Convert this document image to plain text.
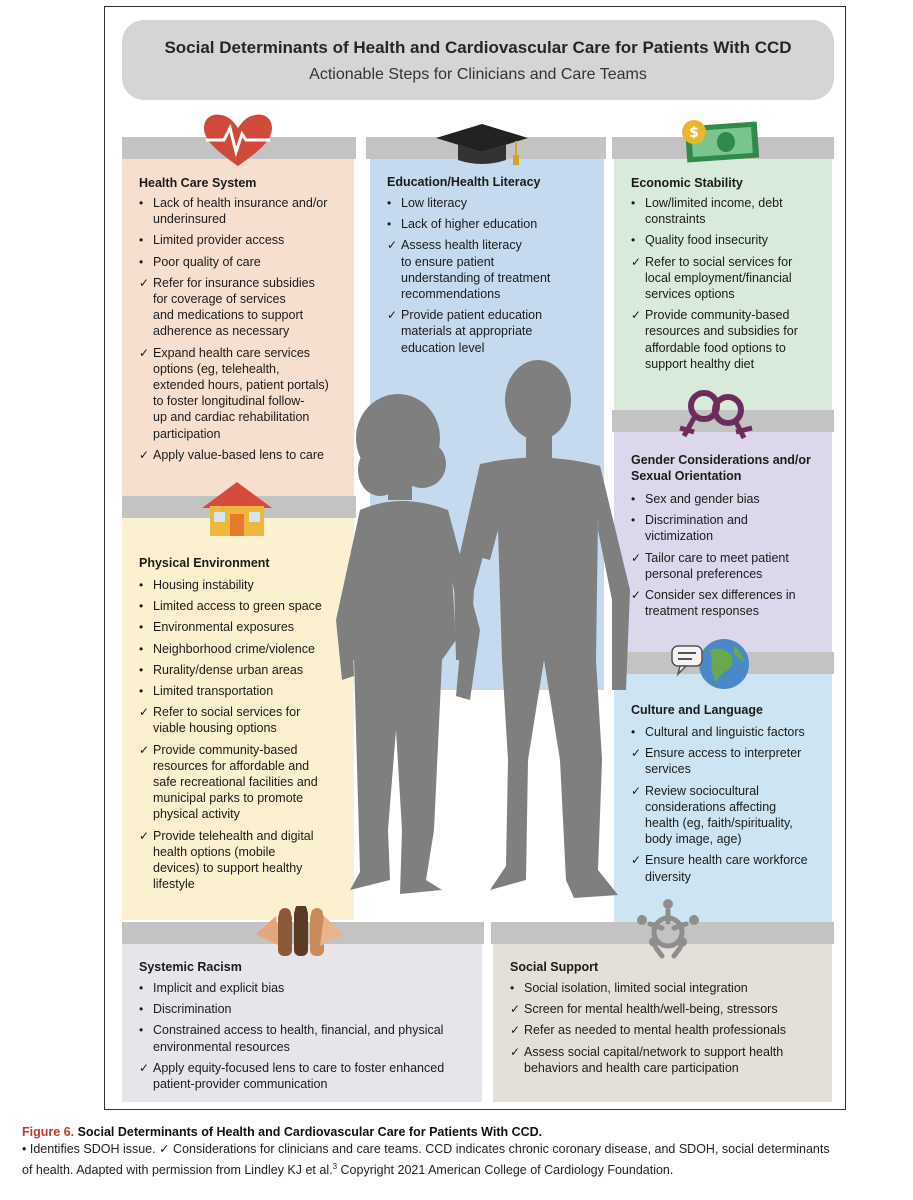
Social Determinants of Health and Cardiovascular Care for Patients With CCD
Actionable Steps for Clinicians and Care Teams
$
Health Care System
• Lack of health insurance and/or
underinsured
• Limited provider access
• Poor quality of care
✓ Refer for insurance subsidies
for coverage of services
and medications to support
adherence as necessary
✓ Expand health care services
options (eg, telehealth,
extended hours, patient portals)
to foster longitudinal follow-
up and cardiac rehabilitation
participation
✓ Apply value-based lens to care
Education/Health Literacy
• Low literacy
• Lack of higher education
✓ Assess health literacy
to ensure patient
understanding of treatment
recommendations
✓ Provide patient education
materials at appropriate
education level
Economic Stability
• Low/limited income, debt
constraints
• Quality food insecurity
✓ Refer to social services for
local employment/financial
services options
✓ Provide community-based
resources and subsidies for
affordable food options to
support healthy diet
Gender Considerations and/or
Sexual Orientation
• Sex and gender bias
• Discrimination and
victimization
✓ Tailor care to meet patient
personal preferences
✓ Consider sex differences in
treatment responses
Physical Environment
• Housing instability
• Limited access to green space
• Environmental exposures
• Neighborhood crime/violence
• Rurality/dense urban areas
• Limited transportation
✓ Refer to social services for
viable housing options
✓ Provide community-based
resources for affordable and
safe recreational facilities and
municipal parks to promote
physical activity
✓ Provide telehealth and digital
health options (mobile
devices) to support healthy
lifestyle
Culture and Language
• Cultural and linguistic factors
✓ Ensure access to interpreter
services
✓ Review sociocultural
considerations affecting
health (eg, faith/spirituality,
body image, age)
✓ Ensure health care workforce
diversity
Systemic Racism
• Implicit and explicit bias
• Discrimination
• Constrained access to health, financial, and physical
environmental resources
✓ Apply equity-focused lens to care to foster enhanced
patient-provider communication
Social Support
• Social isolation, limited social integration
✓ Screen for mental health/well-being, stressors
✓ Refer as needed to mental health professionals
✓ Assess social capital/network to support health
behaviors and health care participation
Figure 6. Social Determinants of Health and Cardiovascular Care for Patients With CCD.
• Identifies SDOH issue. ✓ Considerations for clinicians and care teams. CCD indicates chronic coronary disease, and SDOH, social determinants
of health. Adapted with permission from Lindley KJ et al.$^3$ Copyright 2021 American College of Cardiology Foundation.
